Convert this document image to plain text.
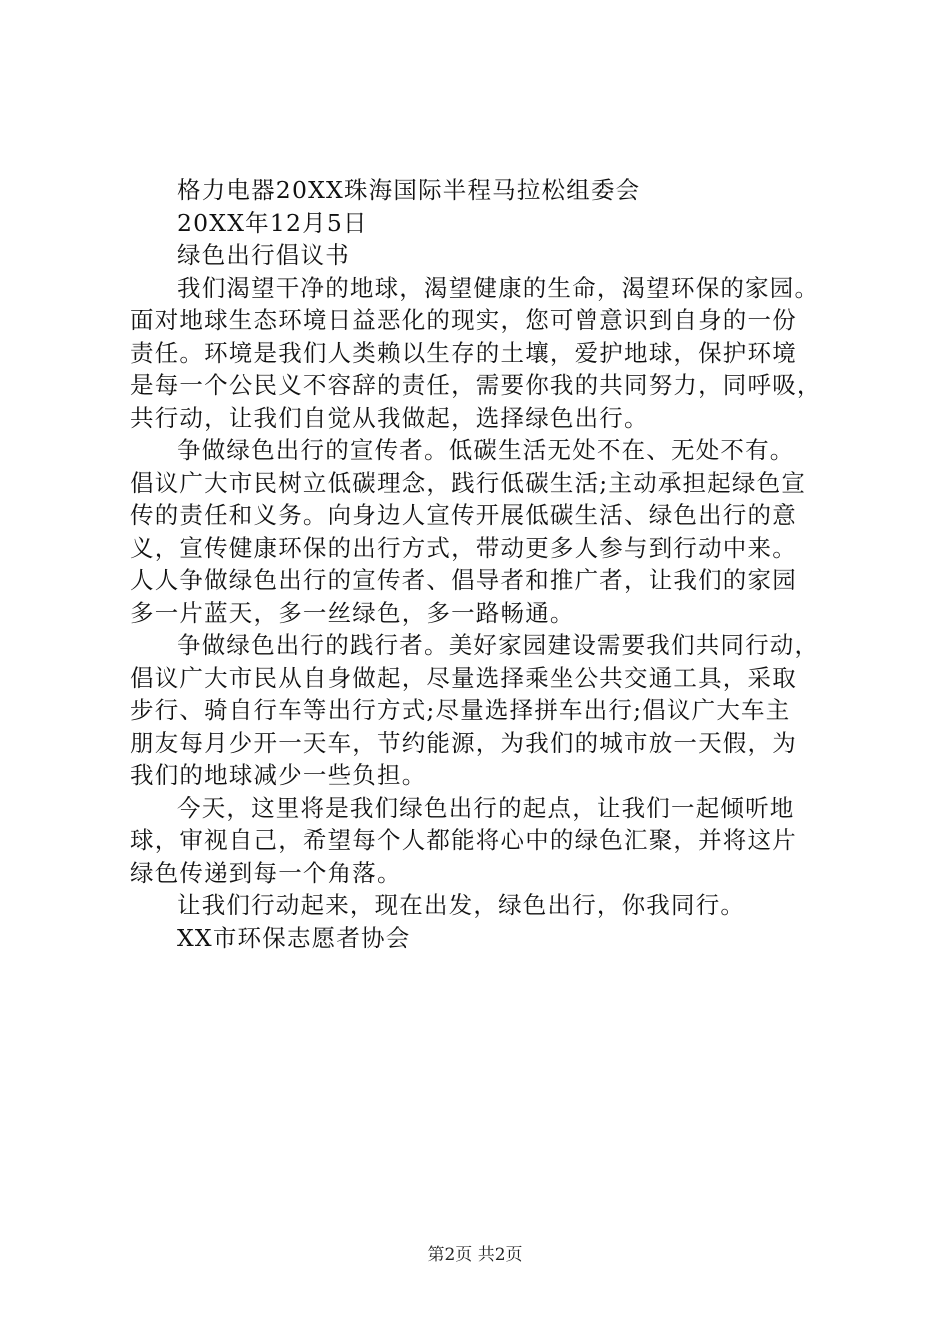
格力电器20XX珠海国际半程马拉松组委会
20XX年12月5日
绿色出行倡议书
我们渴望干净的地球，渴望健康的生命，渴望环保的家园。
面对地球生态环境日益恶化的现实，您可曾意识到自身的一份
责任。环境是我们人类赖以生存的土壤，爱护地球，保护环境
是每一个公民义不容辞的责任，需要你我的共同努力，同呼吸，
共行动，让我们自觉从我做起，选择绿色出行。
争做绿色出行的宣传者。低碳生活无处不在、无处不有。
倡议广大市民树立低碳理念，践行低碳生活;主动承担起绿色宣
传的责任和义务。向身边人宣传开展低碳生活、绿色出行的意
义，宣传健康环保的出行方式，带动更多人参与到行动中来。
人人争做绿色出行的宣传者、倡导者和推广者，让我们的家园
多一片蓝天，多一丝绿色，多一路畅通。
争做绿色出行的践行者。美好家园建设需要我们共同行动，
倡议广大市民从自身做起，尽量选择乘坐公共交通工具，采取
步行、骑自行车等出行方式;尽量选择拼车出行;倡议广大车主
朋友每月少开一天车，节约能源，为我们的城市放一天假，为
我们的地球减少一些负担。
今天，这里将是我们绿色出行的起点，让我们一起倾听地
球，审视自己，希望每个人都能将心中的绿色汇聚，并将这片
绿色传递到每一个角落。
让我们行动起来，现在出发，绿色出行，你我同行。
XX市环保志愿者协会
第2页 共2页
